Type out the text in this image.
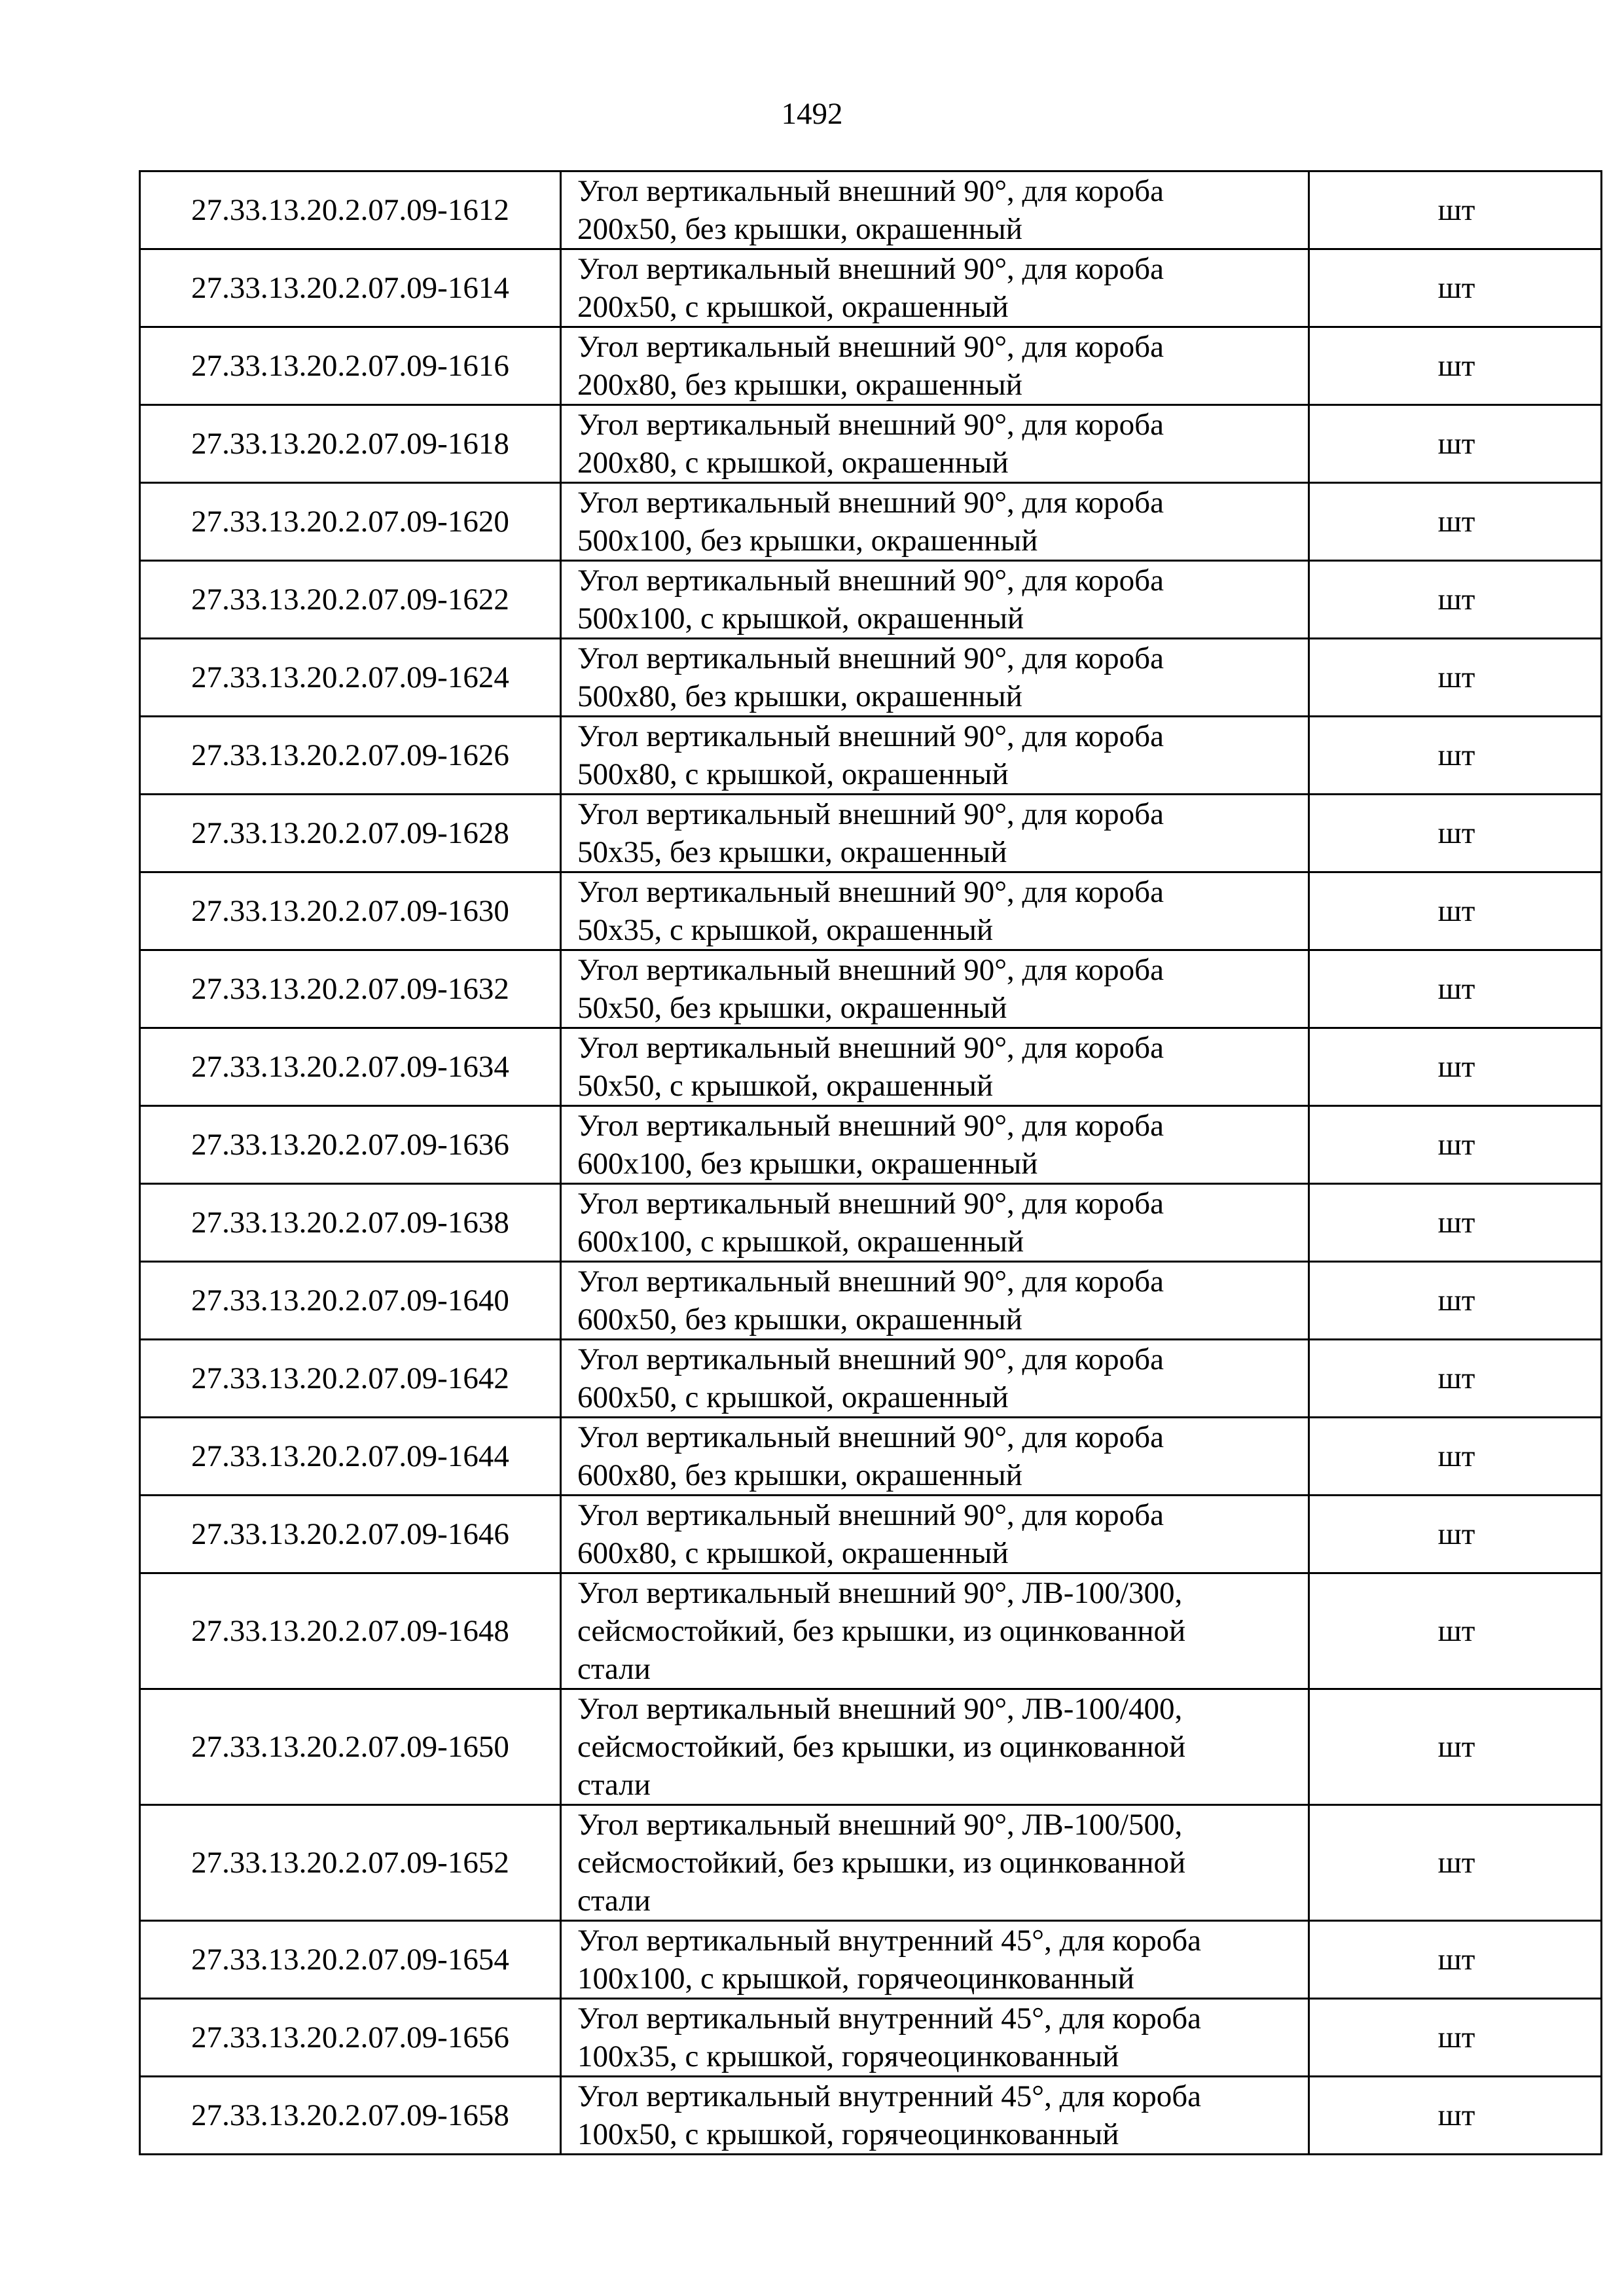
1492
27.33.13.20.2.07.09-1612	Угол вертикальный внешний 90°, для короба
200х50, без крышки, окрашенный	шт
27.33.13.20.2.07.09-1614	Угол вертикальный внешний 90°, для короба
200х50, с крышкой, окрашенный	шт
27.33.13.20.2.07.09-1616	Угол вертикальный внешний 90°, для короба
200х80, без крышки, окрашенный	шт
27.33.13.20.2.07.09-1618	Угол вертикальный внешний 90°, для короба
200х80, с крышкой, окрашенный	шт
27.33.13.20.2.07.09-1620	Угол вертикальный внешний 90°, для короба
500х100, без крышки, окрашенный	шт
27.33.13.20.2.07.09-1622	Угол вертикальный внешний 90°, для короба
500х100, с крышкой, окрашенный	шт
27.33.13.20.2.07.09-1624	Угол вертикальный внешний 90°, для короба
500х80, без крышки, окрашенный	шт
27.33.13.20.2.07.09-1626	Угол вертикальный внешний 90°, для короба
500х80, с крышкой, окрашенный	шт
27.33.13.20.2.07.09-1628	Угол вертикальный внешний 90°, для короба
50х35, без крышки, окрашенный	шт
27.33.13.20.2.07.09-1630	Угол вертикальный внешний 90°, для короба
50х35, с крышкой, окрашенный	шт
27.33.13.20.2.07.09-1632	Угол вертикальный внешний 90°, для короба
50х50, без крышки, окрашенный	шт
27.33.13.20.2.07.09-1634	Угол вертикальный внешний 90°, для короба
50х50, с крышкой, окрашенный	шт
27.33.13.20.2.07.09-1636	Угол вертикальный внешний 90°, для короба
600х100, без крышки, окрашенный	шт
27.33.13.20.2.07.09-1638	Угол вертикальный внешний 90°, для короба
600х100, с крышкой, окрашенный	шт
27.33.13.20.2.07.09-1640	Угол вертикальный внешний 90°, для короба
600х50, без крышки, окрашенный	шт
27.33.13.20.2.07.09-1642	Угол вертикальный внешний 90°, для короба
600х50, с крышкой, окрашенный	шт
27.33.13.20.2.07.09-1644	Угол вертикальный внешний 90°, для короба
600х80, без крышки, окрашенный	шт
27.33.13.20.2.07.09-1646	Угол вертикальный внешний 90°, для короба
600х80, с крышкой, окрашенный	шт
27.33.13.20.2.07.09-1648	Угол вертикальный внешний 90°, ЛВ-100/300,
сейсмостойкий, без крышки, из оцинкованной
стали	шт
27.33.13.20.2.07.09-1650	Угол вертикальный внешний 90°, ЛВ-100/400,
сейсмостойкий, без крышки, из оцинкованной
стали	шт
27.33.13.20.2.07.09-1652	Угол вертикальный внешний 90°, ЛВ-100/500,
сейсмостойкий, без крышки, из оцинкованной
стали	шт
27.33.13.20.2.07.09-1654	Угол вертикальный внутренний 45°, для короба
100х100, с крышкой, горячеоцинкованный	шт
27.33.13.20.2.07.09-1656	Угол вертикальный внутренний 45°, для короба
100х35, с крышкой, горячеоцинкованный	шт
27.33.13.20.2.07.09-1658	Угол вертикальный внутренний 45°, для короба
100х50, с крышкой, горячеоцинкованный	шт
